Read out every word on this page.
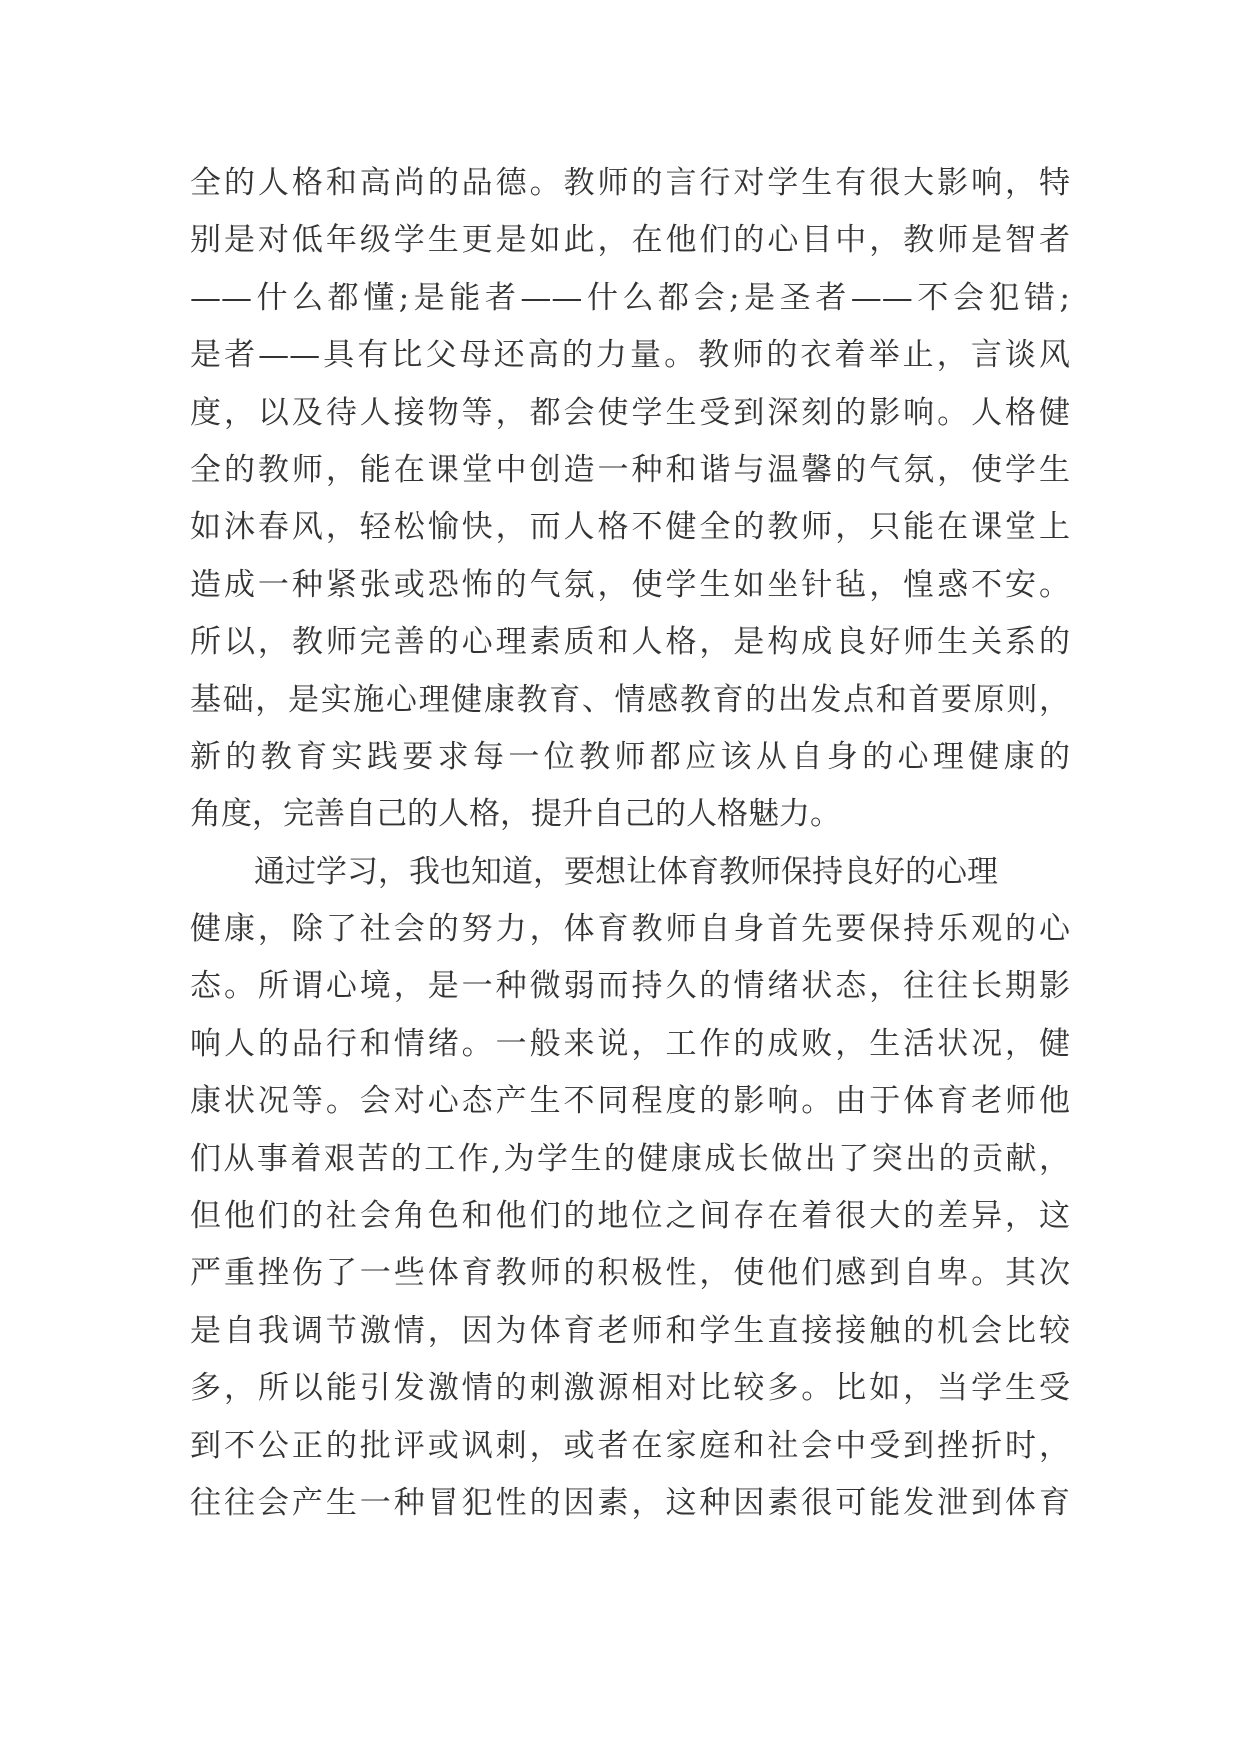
全的人格和高尚的品德。教师的言行对学生有很大影响，特
别是对低年级学生更是如此，在他们的心目中，教师是智者
——什么都懂;是能者——什么都会;是圣者——不会犯错;
是者——具有比父母还高的力量。教师的衣着举止，言谈风
度，以及待人接物等，都会使学生受到深刻的影响。人格健
全的教师，能在课堂中创造一种和谐与温馨的气氛，使学生
如沐春风，轻松愉快，而人格不健全的教师，只能在课堂上
造成一种紧张或恐怖的气氛，使学生如坐针毡，惶惑不安。
所以，教师完善的心理素质和人格，是构成良好师生关系的
基础，是实施心理健康教育、情感教育的出发点和首要原则，
新的教育实践要求每一位教师都应该从自身的心理健康的
角度，完善自己的人格，提升自己的人格魅力。
通过学习，我也知道，要想让体育教师保持良好的心理
健康，除了社会的努力，体育教师自身首先要保持乐观的心
态。所谓心境，是一种微弱而持久的情绪状态，往往长期影
响人的品行和情绪。一般来说，工作的成败，生活状况，健
康状况等。会对心态产生不同程度的影响。由于体育老师他
们从事着艰苦的工作,为学生的健康成长做出了突出的贡献，
但他们的社会角色和他们的地位之间存在着很大的差异，这
严重挫伤了一些体育教师的积极性，使他们感到自卑。其次
是自我调节激情，因为体育老师和学生直接接触的机会比较
多，所以能引发激情的刺激源相对比较多。比如，当学生受
到不公正的批评或讽刺，或者在家庭和社会中受到挫折时，
往往会产生一种冒犯性的因素，这种因素很可能发泄到体育
